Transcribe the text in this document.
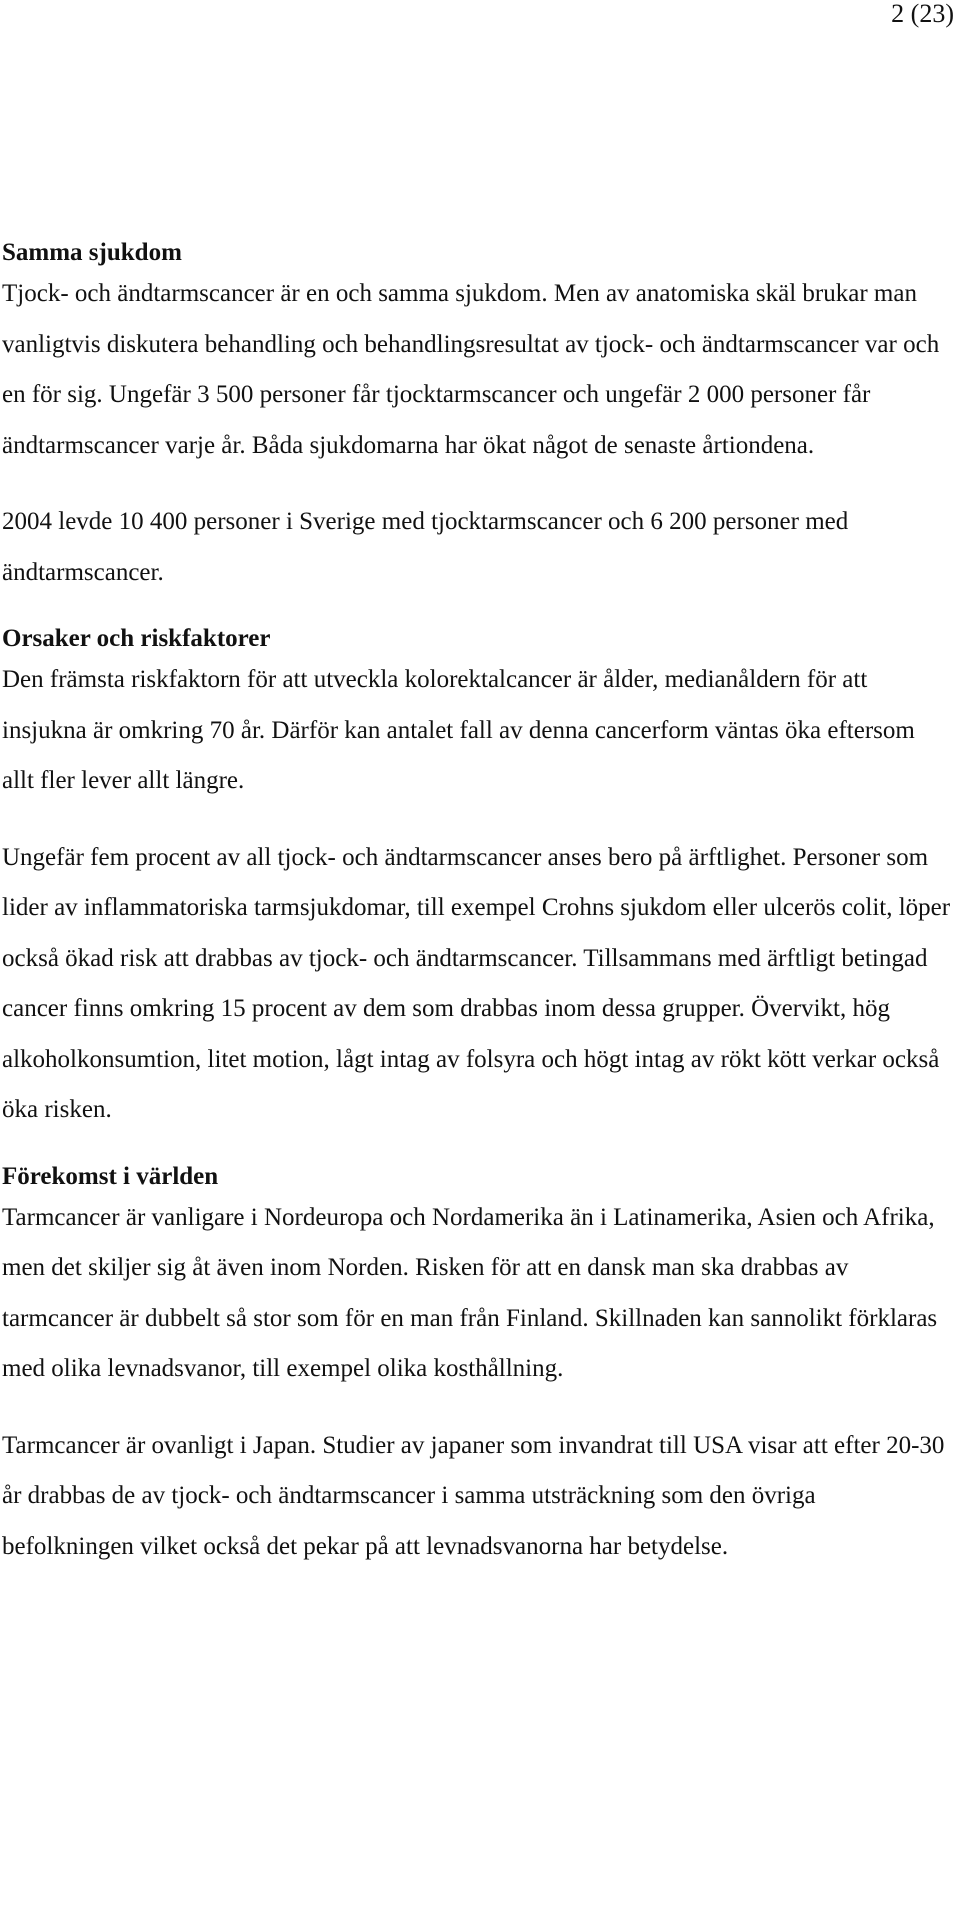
2 (23)
Samma sjukdom

Tjock- och ändtarmscancer är en och samma sjukdom. Men av anatomiska skäl brukar man vanligtvis diskutera behandling och behandlingsresultat av tjock- och ändtarmscancer var och en för sig. Ungefär 3 500 personer får tjocktarmscancer och ungefär 2 000 personer får ändtarmscancer varje år. Båda sjukdomarna har ökat något de senaste årtiondena.

2004 levde 10 400 personer i Sverige med tjocktarmscancer och 6 200 personer med ändtarmscancer.

Orsaker och riskfaktorer

Den främsta riskfaktorn för att utveckla kolorektalcancer är ålder, medianåldern för att insjukna är omkring 70 år. Därför kan antalet fall av denna cancerform väntas öka eftersom allt fler lever allt längre.

Ungefär fem procent av all tjock- och ändtarmscancer anses bero på ärftlighet. Personer som lider av inflammatoriska tarmsjukdomar, till exempel Crohns sjukdom eller ulcerös colit, löper också ökad risk att drabbas av tjock- och ändtarmscancer. Tillsammans med ärftligt betingad cancer finns omkring 15 procent av dem som drabbas inom dessa grupper. Övervikt, hög alkoholkonsumtion, litet motion, lågt intag av folsyra och högt intag av rökt kött verkar också öka risken.

Förekomst i världen

Tarmcancer är vanligare i Nordeuropa och Nordamerika än i Latinamerika, Asien och Afrika, men det skiljer sig åt även inom Norden. Risken för att en dansk man ska drabbas av tarmcancer är dubbelt så stor som för en man från Finland. Skillnaden kan sannolikt förklaras med olika levnadsvanor, till exempel olika kosthållning.

Tarmcancer är ovanligt i Japan. Studier av japaner som invandrat till USA visar att efter 20-30 år drabbas de av tjock- och ändtarmscancer i samma utsträckning som den övriga befolkningen vilket också det pekar på att levnadsvanorna har betydelse.
